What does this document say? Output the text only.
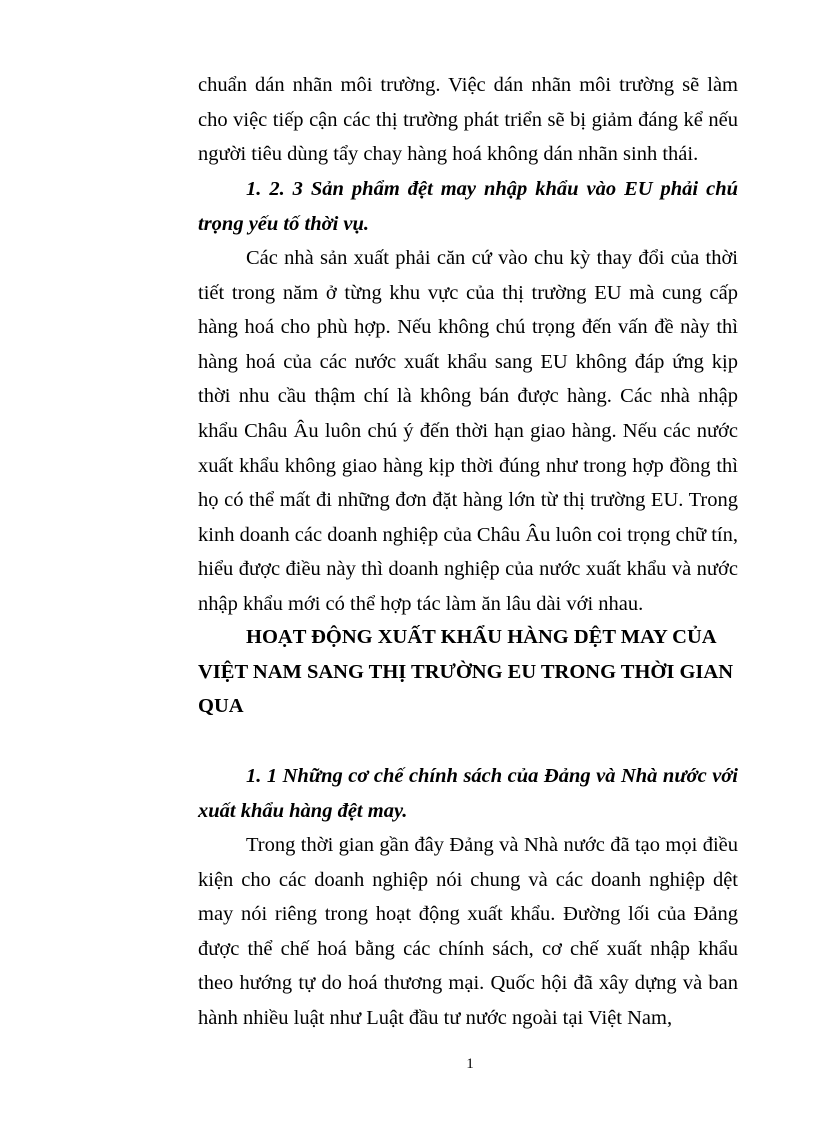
chuẩn dán nhãn môi trường. Việc dán nhãn môi trường sẽ làm cho việc tiếp cận các thị trường phát triển sẽ bị giảm đáng kể nếu người tiêu dùng tẩy chay hàng hoá không dán nhãn sinh thái.

1. 2. 3 Sản phẩm đệt may nhập khẩu vào EU phải chú trọng yếu tố thời vụ.

Các nhà sản xuất phải căn cứ vào chu kỳ thay đổi của thời tiết trong năm ở từng khu vực của thị trường EU mà cung cấp hàng hoá cho phù hợp. Nếu không chú trọng đến vấn đề này thì hàng hoá của các nước xuất khẩu sang EU không đáp ứng kịp thời nhu cầu thậm chí là không bán được hàng. Các nhà nhập khẩu Châu Âu luôn chú ý đến thời hạn giao hàng. Nếu các nước xuất khẩu không giao hàng kịp thời đúng như trong hợp đồng thì họ có thể mất đi những đơn đặt hàng lớn từ thị trường EU. Trong kinh doanh các doanh nghiệp của Châu Âu luôn coi trọng chữ tín, hiểu được điều này thì doanh nghiệp của nước xuất khẩu và nước nhập khẩu mới có thể hợp tác làm ăn lâu dài với nhau.

HOẠT ĐỘNG XUẤT KHẨU HÀNG DỆT MAY CỦA VIỆT NAM SANG THỊ TRƯỜNG EU TRONG THỜI GIAN QUA

1. 1 Những cơ chế chính sách của Đảng và Nhà nước với xuất khẩu hàng đệt may.

Trong thời gian gần đây Đảng và Nhà nước đã tạo mọi điều kiện cho các doanh nghiệp nói chung và các doanh nghiệp dệt may nói riêng trong hoạt động xuất khẩu. Đường lối của Đảng được thể chế hoá bằng các chính sách, cơ chế xuất nhập khẩu theo hướng tự do hoá thương mại. Quốc hội đã xây dựng và ban hành nhiều luật như Luật đầu tư nước ngoài tại Việt Nam,

1
